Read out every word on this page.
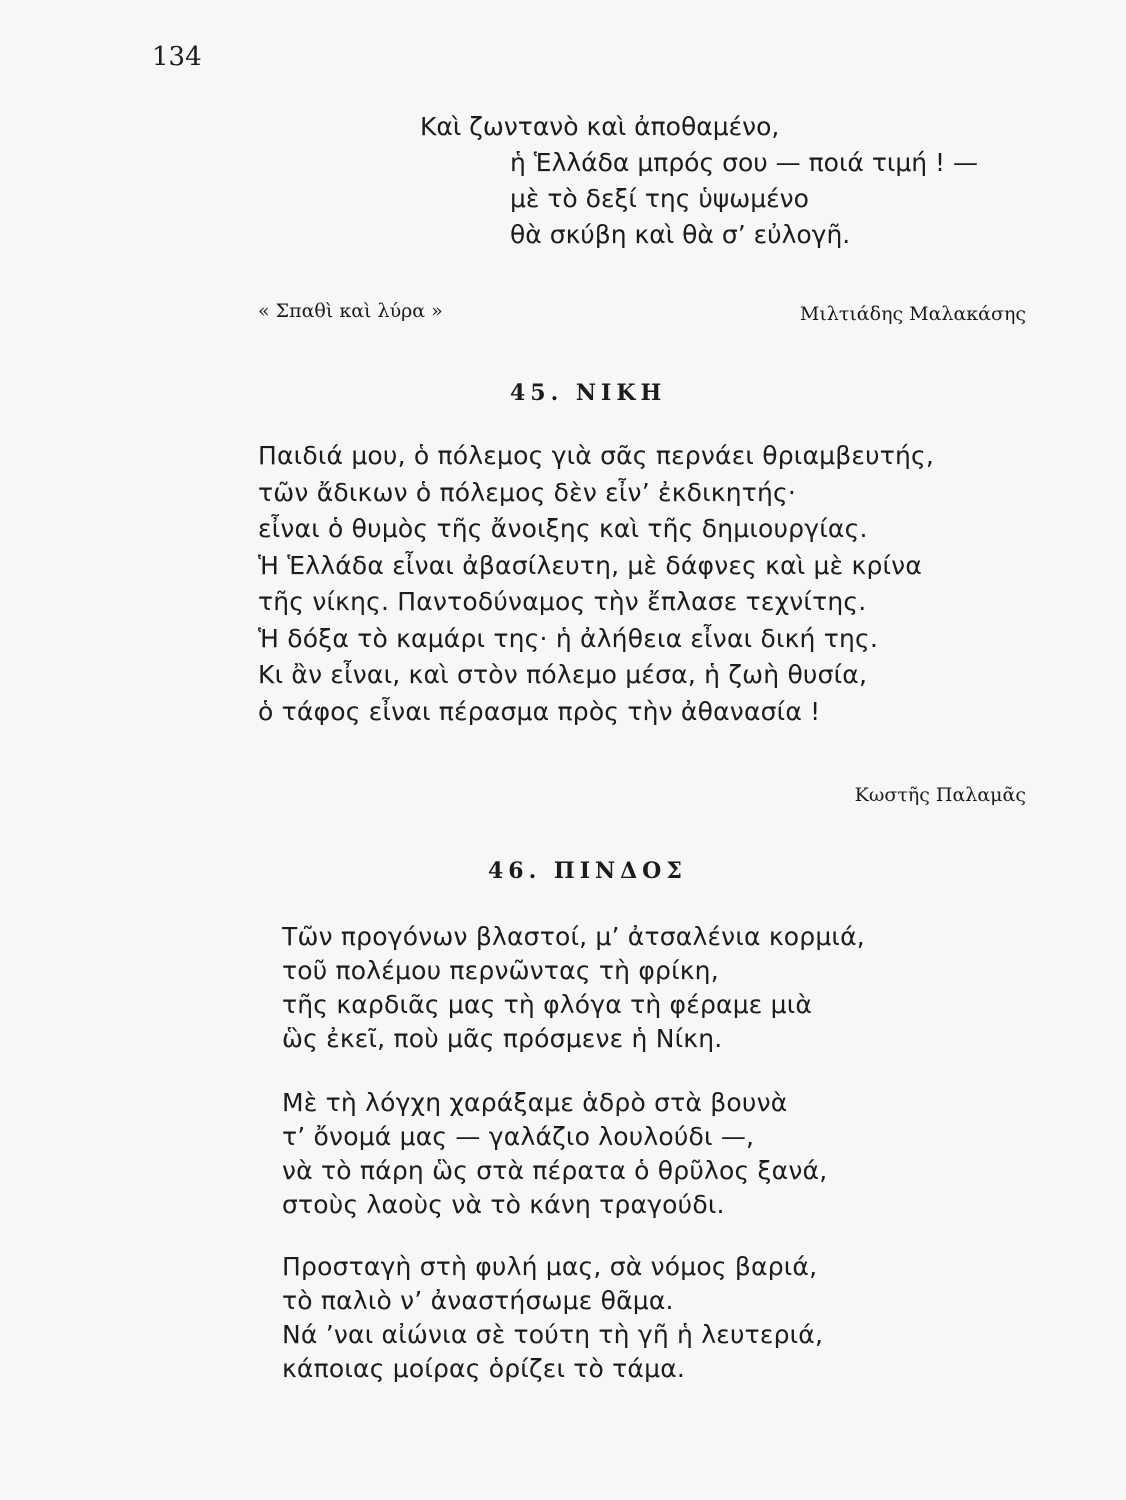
134
Καὶ ζωντανὸ καὶ ἀποθαμένο,
ἡ Ἑλλάδα μπρός σου — ποιά τιμή ! —
μὲ τὸ δεξί της ὑψωμένο
θὰ σκύβη καὶ θὰ σ’ εὐλογῆ.
« Σπαθὶ καὶ λύρα »	Μιλτιάδης Μαλακάσης
45. ΝΙΚΗ
Παιδιά μου, ὁ πόλεμος γιὰ σᾶς περνάει θριαμβευτής,
τῶν ἄδικων ὁ πόλεμος δὲν εἶν’ ἐκδικητής·
εἶναι ὁ θυμὸς τῆς ἄνοιξης καὶ τῆς δημιουργίας.
Ἡ Ἑλλάδα εἶναι ἀβασίλευτη, μὲ δάφνες καὶ μὲ κρίνα
τῆς νίκης. Παντοδύναμος τὴν ἔπλασε τεχνίτης.
Ἡ δόξα τὸ καμάρι της· ἡ ἀλήθεια εἶναι δική της.
Κι ἂν εἶναι, καὶ στὸν πόλεμο μέσα, ἡ ζωὴ θυσία,
ὁ τάφος εἶναι πέρασμα πρὸς τὴν ἀθανασία !
Κωστῆς Παλαμᾶς
46. ΠΙΝΔΟΣ
Τῶν προγόνων βλαστοί, μ’ ἀτσαλένια κορμιά,
τοῦ πολέμου περνῶντας τὴ φρίκη,
τῆς καρδιᾶς μας τὴ φλόγα τὴ φέραμε μιὰ
ὣς ἐκεῖ, ποὺ μᾶς πρόσμενε ἡ Νίκη.
Μὲ τὴ λόγχη χαράξαμε ἁδρὸ στὰ βουνὰ
τ’ ὄνομά μας — γαλάζιο λουλούδι —,
νὰ τὸ πάρη ὣς στὰ πέρατα ὁ θρῦλος ξανά,
στοὺς λαοὺς νὰ τὸ κάνη τραγούδι.
Προσταγὴ στὴ φυλή μας, σὰ νόμος βαριά,
τὸ παλιὸ ν’ ἀναστήσωμε θᾶμα.
Νά ’ναι αἰώνια σὲ τούτη τὴ γῆ ἡ λευτεριά,
κάποιας μοίρας ὁρίζει τὸ τάμα.
